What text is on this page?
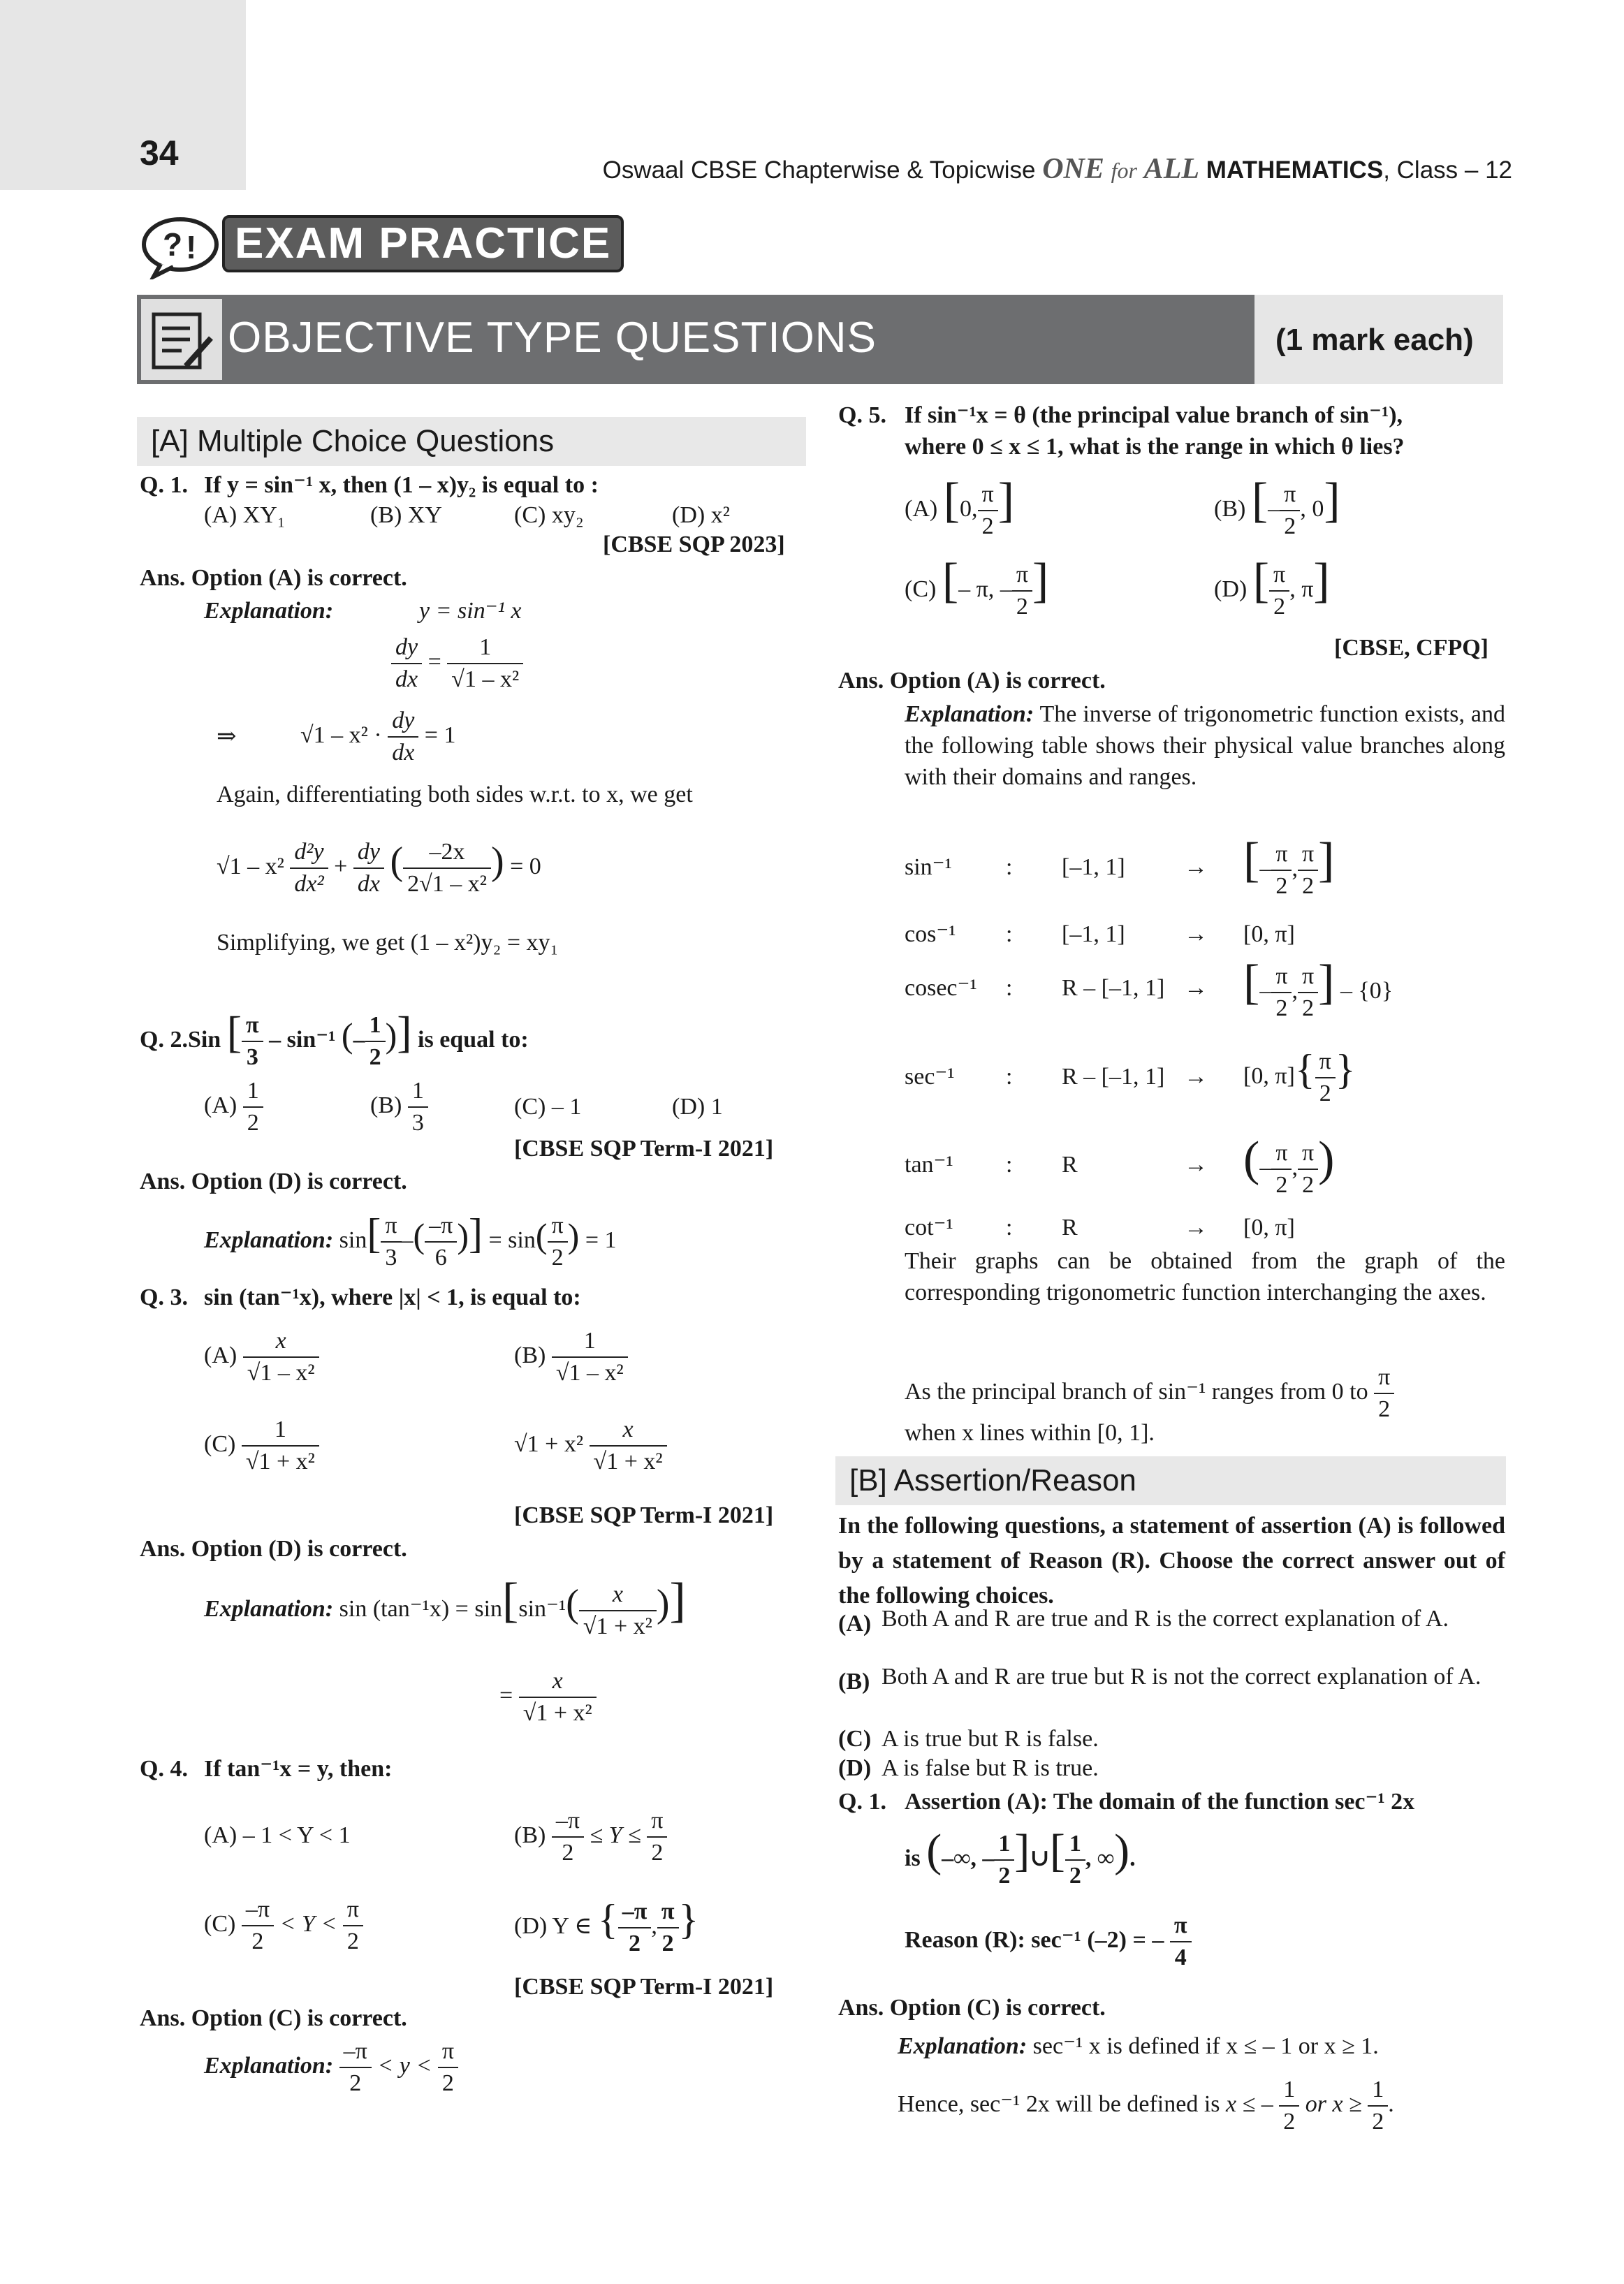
34	Oswaal CBSE Chapterwise & Topicwise ONE for ALL MATHEMATICS, Class – 12
? ! EXAM PRACTICE
OBJECTIVE TYPE QUESTIONS	(1 mark each)
[A] Multiple Choice Questions
Q. 1. If y = sin⁻¹ x, then (1 – x)y₂ is equal to :
(A) XY₁	(B) XY	(C) xy₂	(D) x²
[CBSE SQP 2023]
Ans. Option (A) is correct.
Explanation:	y = sin⁻¹ x
$\frac{dy}{dx} = \frac{1}{\text{√1 – x²}}$
⇒	$√1 - x^2 \cdot \frac{dy}{dx} = 1$
Again, differentiating both sides w.r.t. to x, we get
$√1 - x^2 \frac{\text{d²y}}{\text{dx²}} + \frac{dy}{dx}$ ( $\frac{-2x}{\text{2√1 – x²}}$ ) = 0
Simplifying, we get (1 – x²)y₂ = xy₁
Q. 2.Sin [ $\frac{\pi}{3} - \sin^{-1}$ (– $\frac{1}{2}$ )] is equal to:
$(A) \frac{1}{2}$	$(B) \frac{1}{3}$	(C) – 1	(D) 1
[CBSE SQP Term-I 2021]
Ans. Option (D) is correct.
Explanation: $\sin[ \frac{\pi}{3}$ –( $\frac{-\pi}{6}$ )] = $\sin( \frac{\pi}{2}$ ) = 1
Q. 3. sin (tan⁻¹x), where |x| < 1, is equal to:
$(A) \frac{x}{\text{√1 – x²}}$	$(B) \frac{1}{\text{√1 – x²}}$
$(C) \frac{1}{\text{√1 + x²}}$	$√1 + x^2 \frac{x}{\text{√1 + x²}}$
[CBSE SQP Term-I 2021]
Ans. Option (D) is correct.
Explanation: $\sin (\tan^{-1}x) = \sin[\sin^{-1}( \frac{x}{\text{√1 + x²}}$ )]
= $\frac{x}{\text{√1 + x²}}$
Q. 4. If tan⁻¹x = y, then:
(A) – 1 < Y < 1	$(B) \frac{-\pi}{2} \le Y \le \frac{\pi}{2}$
$(C) \frac{-\pi}{2} < Y < \frac{\pi}{2}$	(D) Y ∈ { $\frac{-\pi}{2}$ , $\frac{\pi}{2}$ }
[CBSE SQP Term-I 2021]
Ans. Option (C) is correct.
Explanation: $\frac{-\pi}{2} < y < \frac{\pi}{2}$
Q. 5. If sin⁻¹x = θ (the principal value branch of sin⁻¹),
where 0 ≤ x ≤ 1, what is the range in which θ lies?
(A) [0, $\frac{\pi}{2}$ ]	(B) [– $\frac{\pi}{2}$ , 0]
(C) [– π, – $\frac{\pi}{2}$ ]	(D) [ $\frac{\pi}{2}$ , π]
[CBSE, CFPQ]
Ans. Option (A) is correct.
Explanation: The inverse of trigonometric function exists, and the following table shows their physical value branches along with their domains and ranges.
sin⁻¹ : [–1, 1] → [– $\frac{\pi}{2}$ , $\frac{\pi}{2}$ ]
cos⁻¹ : [–1, 1] → [0, π]
cosec⁻¹ : R – [–1, 1] → [– $\frac{\pi}{2}$ , $\frac{\pi}{2}$ ] – {0}
sec⁻¹ : R – [–1, 1] → [0, $\pi]\{ \frac{\pi}{2}$ }
tan⁻¹ : R	→ (– $\frac{\pi}{2}$ , $\frac{\pi}{2}$ )
cot⁻¹ : R	→ [0, π]
Their graphs can be obtained from the graph of the corresponding trigonometric function interchanging the axes.
As the principal branch of sin⁻¹ ranges from 0 to $\frac{\pi}{2}$
when x lines within [0, 1].
[B] Assertion/Reason
In the following questions, a statement of assertion (A) is followed by a statement of Reason (R). Choose the correct answer out of the following choices.
(A) Both A and R are true and R is the correct explanation of A.
(B) Both A and R are true but R is not the correct explanation of A.
(C) A is true but R is false.
(D) A is false but R is true.
Q. 1. Assertion (A): The domain of the function sec⁻¹ 2x
is (–∞, – $\frac{1}{2}$ ]∪[ $\frac{1}{2}$ , ∞).
Reason (R): sec⁻¹ (–2) = – $\frac{\pi}{4}$
Ans. Option (C) is correct.
Explanation: sec⁻¹ x is defined if x ≤ – 1 or x ≥ 1.
Hence, sec⁻¹ 2x will be defined is x ≤ – $\frac{1}{2}$ or $x \ge \frac{1}{2}$ .
